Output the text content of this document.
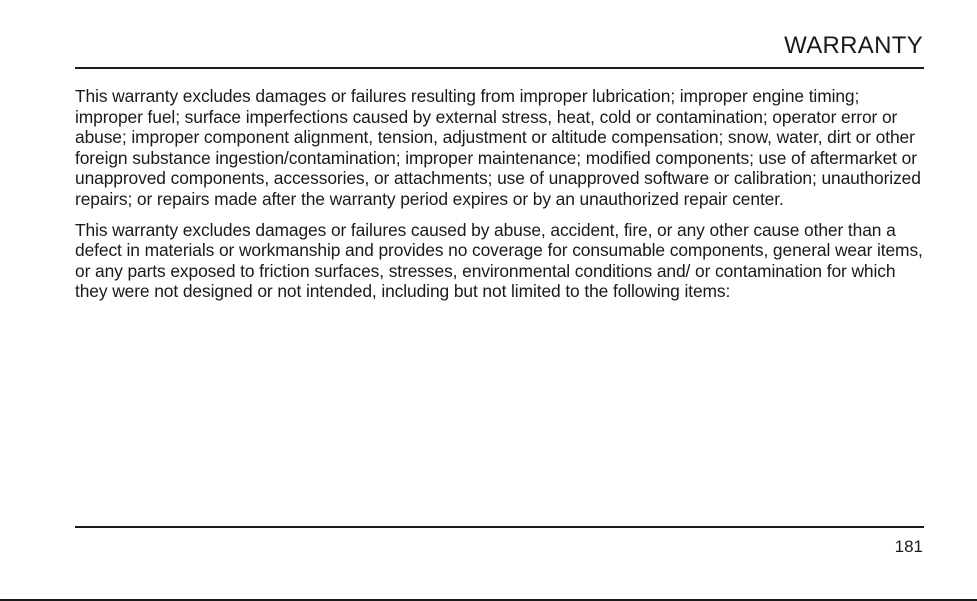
WARRANTY

This warranty excludes damages or failures resulting from improper lubrication; improper engine timing; improper fuel; surface imperfections caused by external stress, heat, cold or contamination; operator error or abuse; improper component alignment, tension, adjustment or altitude compensation; snow, water, dirt or other foreign substance ingestion/contamination; improper maintenance; modified components; use of aftermarket or unapproved components, accessories, or attachments; use of unapproved software or calibration; unauthorized repairs; or repairs made after the warranty period expires or by an unauthorized repair center.

This warranty excludes damages or failures caused by abuse, accident, fire, or any other cause other than a defect in materials or workmanship and provides no coverage for consumable components, general wear items, or any parts exposed to friction surfaces, stresses, environmental conditions and/ or contamination for which they were not designed or not intended, including but not limited to the following items:

181
